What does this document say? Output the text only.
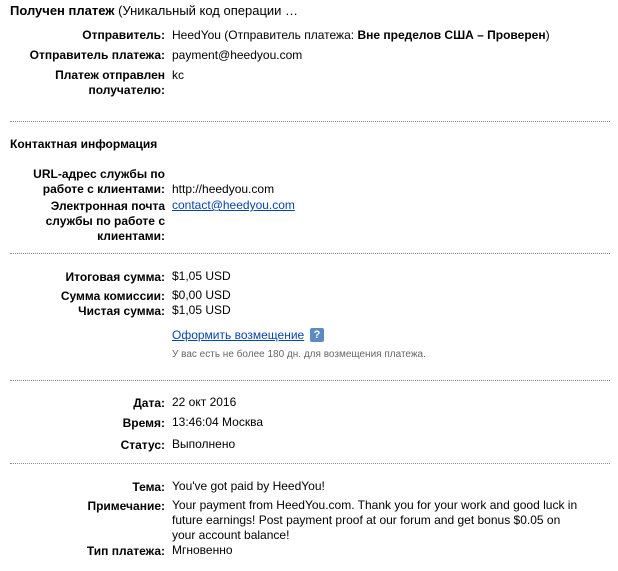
Получен платеж (Уникальный код операции …
Отправитель: HeedYou (Отправитель платежа: Вне пределов США – Проверен)
Отправитель платежа: payment@heedyou.com
Платеж отправлен
получателю:
kc
Контактная информация
URL-адрес службы по
работе с клиентами: http://heedyou.com
Электронная почта
службы по работе с
клиентами:
contact@heedyou.com
Итоговая сумма: $1,05 USD
Сумма комиссии: $0,00 USD
Чистая сумма: $1,05 USD
Оформить возмещение ?
У вас есть не более 180 дн. для возмещения платежа.
Дата: 22 окт 2016
Время: 13:46:04 Москва
Статус: Выполнено
Тема: You've got paid by HeedYou!
Примечание: Your payment from HeedYou.com. Thank you for your work and good luck in
future earnings! Post payment proof at our forum and get bonus $0.05 on
your account balance!
Тип платежа: Мгновенно
